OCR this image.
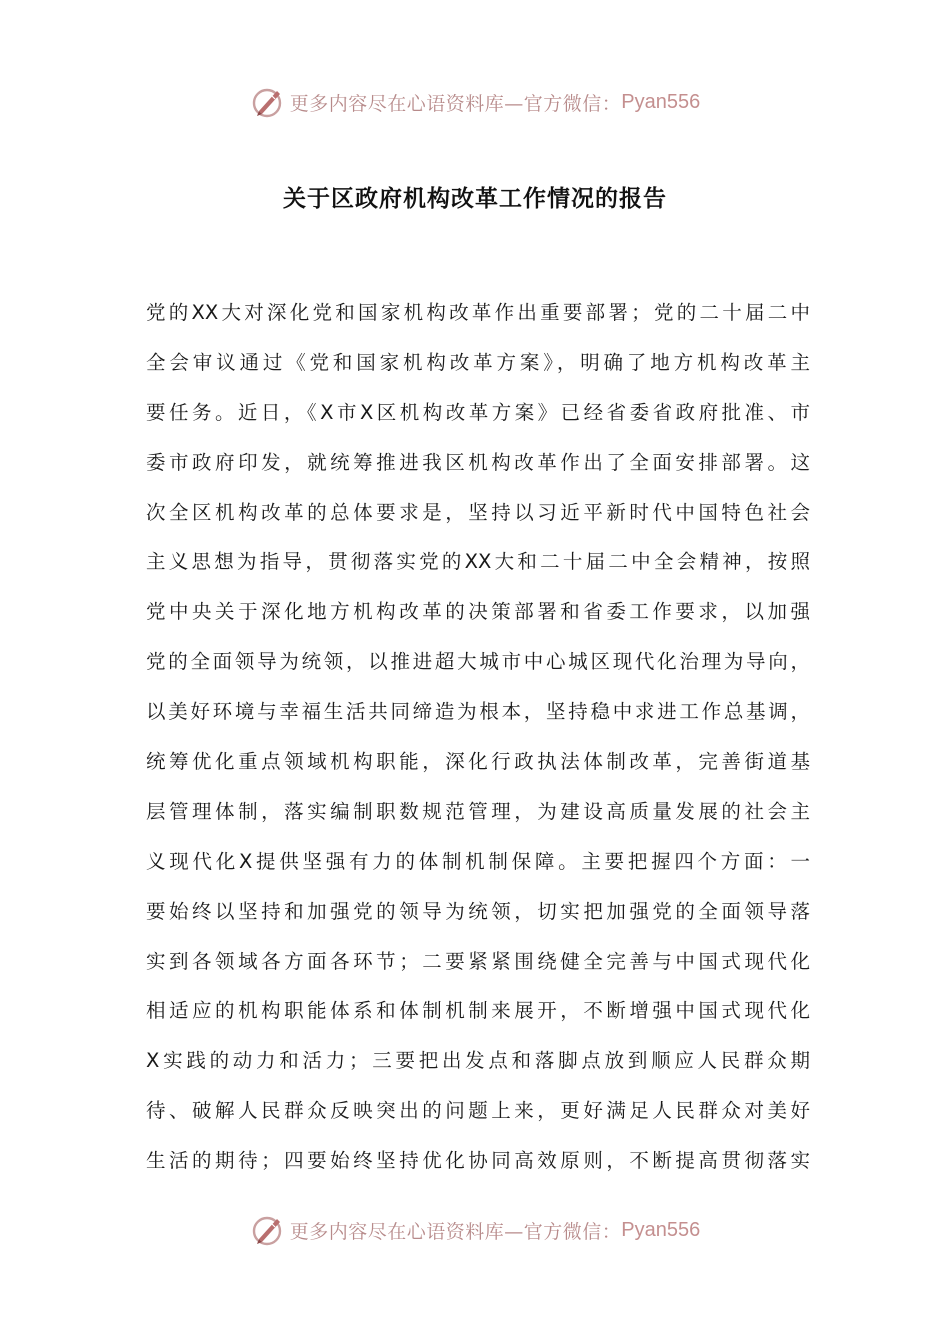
更多内容尽在心语资料库—官方微信： Pyan556
关于区政府机构改革工作情况的报告
党的XX大对深化党和国家机构改革作出重要部署；党的二十届二中
全会审议通过《党和国家机构改革方案》，明确了地方机构改革主
要任务。近日，《X市X区机构改革方案》已经省委省政府批准、市
委市政府印发，就统筹推进我区机构改革作出了全面安排部署。这
次全区机构改革的总体要求是，坚持以习近平新时代中国特色社会
主义思想为指导，贯彻落实党的XX大和二十届二中全会精神，按照
党中央关于深化地方机构改革的决策部署和省委工作要求，以加强
党的全面领导为统领，以推进超大城市中心城区现代化治理为导向，
以美好环境与幸福生活共同缔造为根本，坚持稳中求进工作总基调，
统筹优化重点领域机构职能，深化行政执法体制改革，完善街道基
层管理体制，落实编制职数规范管理，为建设高质量发展的社会主
义现代化X提供坚强有力的体制机制保障。主要把握四个方面：一
要始终以坚持和加强党的领导为统领，切实把加强党的全面领导落
实到各领域各方面各环节；二要紧紧围绕健全完善与中国式现代化
相适应的机构职能体系和体制机制来展开，不断增强中国式现代化
X实践的动力和活力；三要把出发点和落脚点放到顺应人民群众期
待、破解人民群众反映突出的问题上来，更好满足人民群众对美好
生活的期待；四要始终坚持优化协同高效原则，不断提高贯彻落实
更多内容尽在心语资料库—官方微信： Pyan556
